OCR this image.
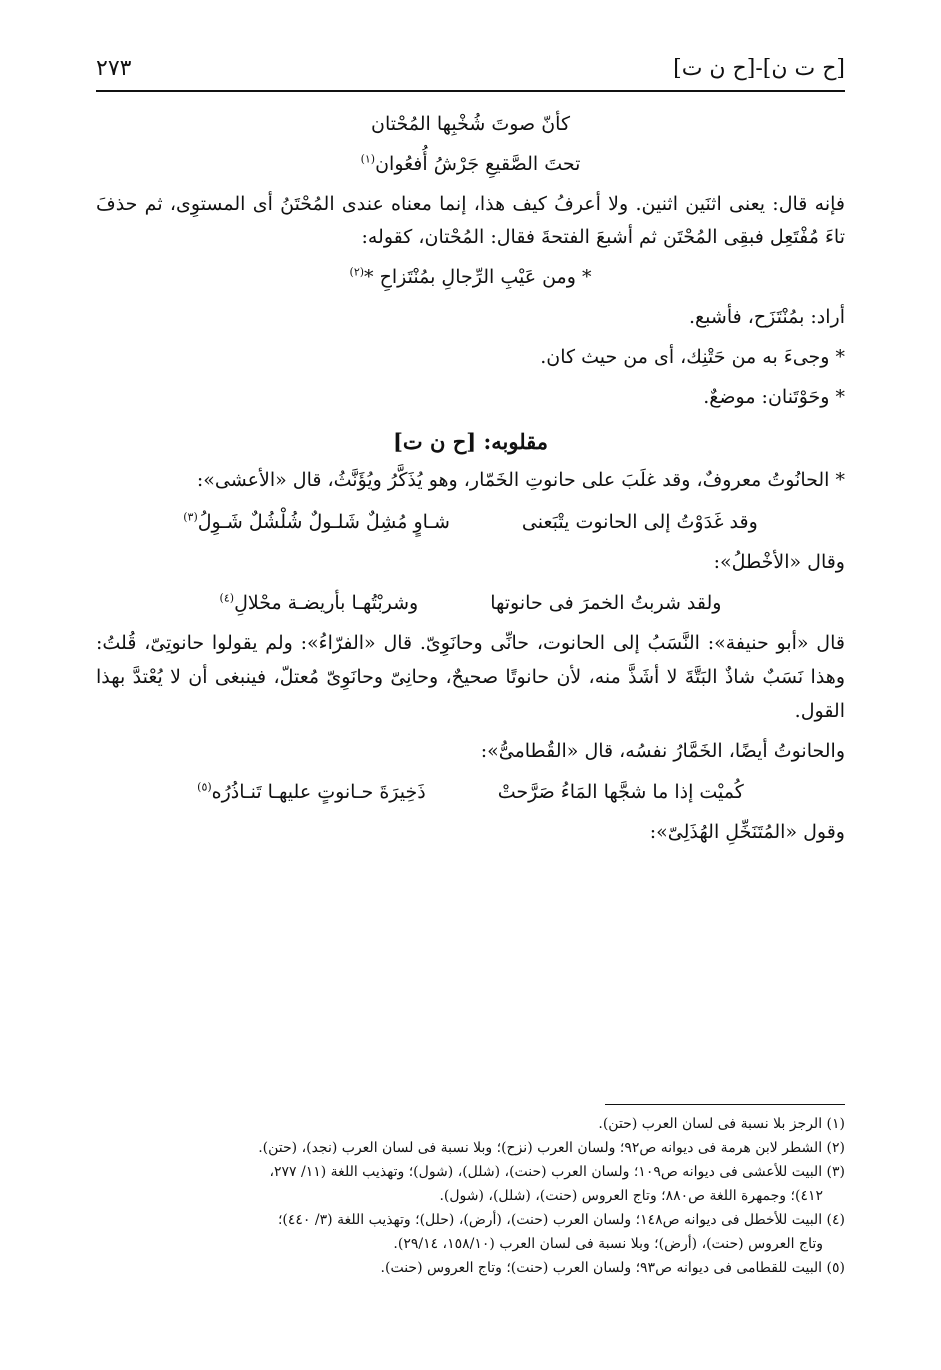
[ح ت ن]-[ح ن ت]
٢٧٣

كأنّ صوتَ شُخْبِها المُحْتان

تحتَ الصَّقيعِ جَرْشُ أُفعُوان$^{(١)}$

فإنه قال: يعنى اثنَين اثنين. ولا أعرفُ كيف هذا، إنما معناه عندى المُحْتَنُ أى المستوِى، ثم حذفَ تاءَ مُفْتَعِل فبقِى المُحْتَن ثم أشبعَ الفتحةَ فقال: المُحْتان، كقوله:

* ومن عَيْبِ الرِّجالِ بمُنْتَزاحِ *$^{(٢)}$

أراد: بمُنْتَزَح، فأشبع.

* وجىءَ به من حَتْنِك، أى من حيث كان.

* وحَوْتَنان: موضعٌ.

مقلوبه: [ح ن ت]

* الحانُوتُ معروفٌ، وقد غلَبَ على حانوتِ الخَمّار، وهو يُذَكَّرُ ويُؤَنَّثُ، قال «الأعشى»:

وقد غَدَوْتُ إلى الحانوت يتْبَعنى
شـاوٍ مُشِلٌ شَلـولٌ شُلْشُلٌ شَـوِلُ$^{(٣)}$

وقال «الأخْطلُ»:

ولقد شربتُ الخمرَ فى حانوتها
وشربْتُهـا بأريضـة محْلالِ$^{(٤)}$

قال «أبو حنيفة»: النَّسَبُ إلى الحانوت، حانِّى وحانَوِىّ. قال «الفرّاءُ»: ولم يقولوا حانوتِىّ، قُلتُ: وهذا نَسَبٌ شاذٌ البَتَّةَ لا أشَذَّ منه، لأن حانوتًا صحيحٌ، وحانِىّ وحانَوِىّ مُعتلّ، فينبغى أن لا يُعْتدَّ بهذا القول.

والحانوتُ أيضًا، الخَمَّارُ نفسُه، قال «القُطامىُّ»:

كُميْت إذا ما شجَّها المَاءُ صَرَّحتْ
ذَخِيرَةَ حـانوتٍ عليهـا تَنـاذُرُه$^{(٥)}$

وقول «المُتَنَخِّلِ الهُذَلِىّ»:

(١) الرجز بلا نسبة فى لسان العرب (حتن).

(٢) الشطر لابن هرمة فى ديوانه ص٩٢؛ ولسان العرب (نزح)؛ وبلا نسبة فى لسان العرب (نجد)، (حتن).

(٣) البيت للأعشى فى ديوانه ص١٠٩؛ ولسان العرب (حنت)، (شلل)، (شول)؛ وتهذيب اللغة (١١/ ٢٧٧،

٤١٢)؛ وجمهرة اللغة ص٨٨٠؛ وتاج العروس (حنت)، (شلل)، (شول).

(٤) البيت للأخطل فى ديوانه ص١٤٨؛ ولسان العرب (حنت)، (أرض)، (حلل)؛ وتهذيب اللغة (٣/ ٤٤٠)؛

وتاج العروس (حنت)، (أرض)؛ وبلا نسبة فى لسان العرب (١٥٨/١٠، ٢٩/١٤).

(٥) البيت للقطامى فى ديوانه ص٩٣؛ ولسان العرب (حنت)؛ وتاج العروس (حنت).
